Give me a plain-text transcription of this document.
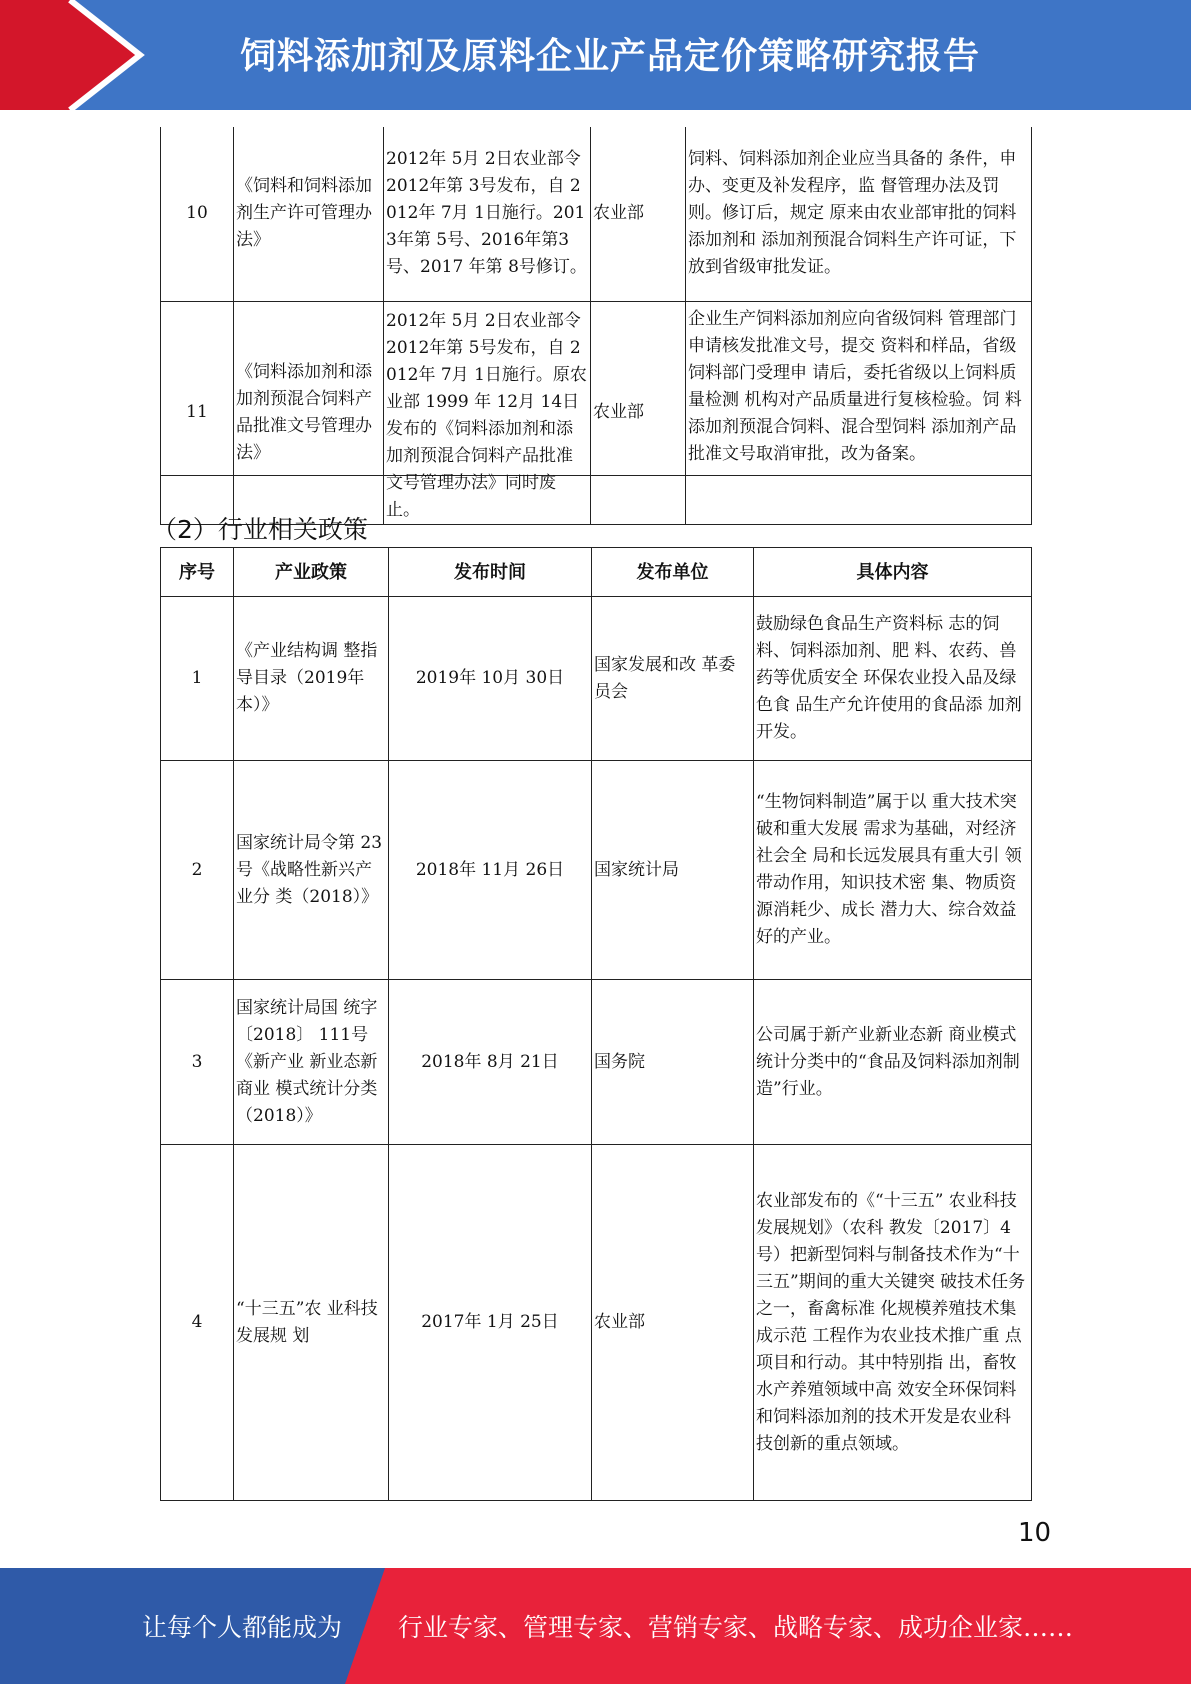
饲料添加剂及原料企业产品定价策略研究报告
10	《饲料和饲料添加剂生产许可管理办法》	2012年 5月 2日农业部令 2012年第 3号发布，自 2012年 7月 1日施行。2013年第 5号、2016年第3号、2017 年第 8号修订。	农业部	饲料、饲料添加剂企业应当具备的 条件，申办、变更及补发程序，监 督管理办法及罚则。修订后，规定 原来由农业部审批的饲料添加剂和 添加剂预混合饲料生产许可证，下 放到省级审批发证。
11	《饲料添加剂和添加剂预混合饲料产品批准文号管理办法》	2012年 5月 2日农业部令 2012年第 5号发布，自 2012年 7月 1日施行。原农业部 1999 年 12月 14日发布的《饲料添加剂和添 加剂预混合饲料产品批准文号管理办法》同时废止。	农业部	企业生产饲料添加剂应向省级饲料 管理部门申请核发批准文号，提交 资料和样品，省级饲料部门受理申 请后，委托省级以上饲料质量检测 机构对产品质量进行复核检验。饲 料添加剂预混合饲料、混合型饲料 添加剂产品批准文号取消审批，改为备案。
（2）行业相关政策
序号	产业政策	发布时间	发布单位	具体内容
1	《产业结构调 整指导目录（2019年本）》	2019年 10月 30日	国家发展和改 革委员会	鼓励绿色食品生产资料标 志的饲料、饲料添加剂、肥 料、农药、兽药等优质安全 环保农业投入品及绿色食 品生产允许使用的食品添 加剂开发。
2	国家统计局令第 23号《战略性新兴产业分 类（2018）》	2018年 11月 26日	国家统计局	“生物饲料制造”属于以 重大技术突破和重大发展 需求为基础，对经济社会全 局和长远发展具有重大引 领带动作用，知识技术密 集、物质资源消耗少、成长 潜力大、综合效益好的产业。
3	国家统计局国 统字〔2018〕 111号《新产业 新业态新商业 模式统计分类（2018）》	2018年 8月 21日	国务院	公司属于新产业新业态新 商业模式统计分类中的“食品及饲料添加剂制 造”行业。
4	“十三五”农 业科技发展规 划	2017年 1月 25日	农业部	农业部发布的《“十三五” 农业科技发展规划》（农科 教发〔2017〕4号）把新型饲料与制备技术作为“十 三五”期间的重大关键突 破技术任务之一，畜禽标准 化规模养殖技术集成示范 工程作为农业技术推广重 点项目和行动。其中特别指 出，畜牧水产养殖领域中高 效安全环保饲料和饲料添加剂的技术开发是农业科 技创新的重点领域。
10
让每个人都能成为 行业专家、管理专家、营销专家、战略专家、成功企业家……
